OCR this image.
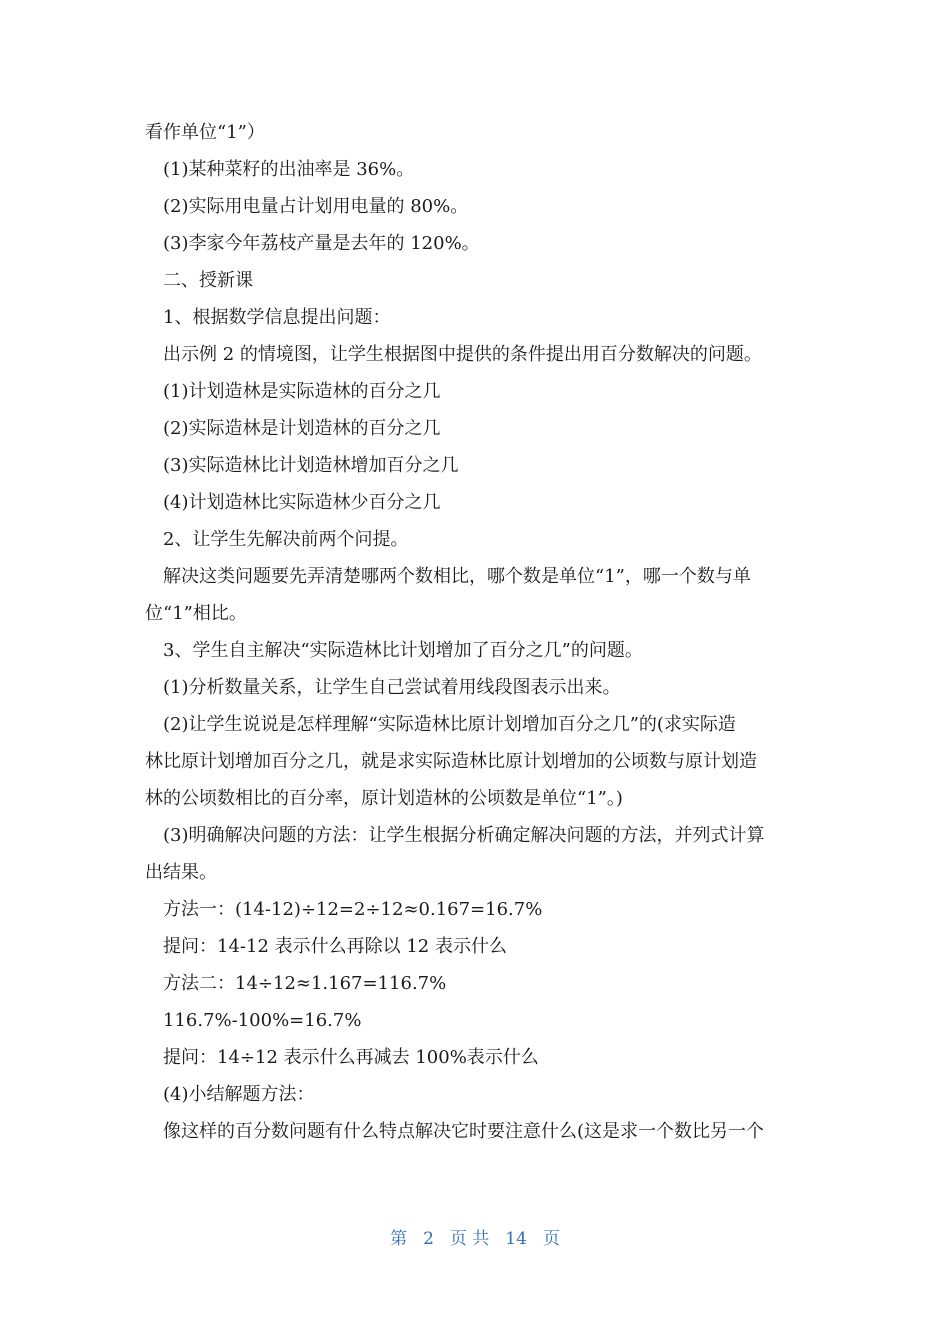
看作单位“1”）
(1)某种菜籽的出油率是 36%。
(2)实际用电量占计划用电量的 80%。
(3)李家今年荔枝产量是去年的 120%。
二、授新课
1、根据数学信息提出问题：
出示例 2 的情境图，让学生根据图中提供的条件提出用百分数解决的问题。
(1)计划造林是实际造林的百分之几
(2)实际造林是计划造林的百分之几
(3)实际造林比计划造林增加百分之几
(4)计划造林比实际造林少百分之几
2、让学生先解决前两个问提。
解决这类问题要先弄清楚哪两个数相比，哪个数是单位“1”，哪一个数与单
位“1”相比。
3、学生自主解决“实际造林比计划增加了百分之几”的问题。
(1)分析数量关系，让学生自己尝试着用线段图表示出来。
(2)让学生说说是怎样理解“实际造林比原计划增加百分之几”的(求实际造
林比原计划增加百分之几，就是求实际造林比原计划增加的公顷数与原计划造
林的公顷数相比的百分率，原计划造林的公顷数是单位“1”。)
(3)明确解决问题的方法：让学生根据分析确定解决问题的方法，并列式计算
出结果。
方法一：(14-12)÷12=2÷12≈0.167=16.7%
提问：14-12 表示什么再除以 12 表示什么
方法二：14÷12≈1.167=116.7%
116.7%-100%=16.7%
提问：14÷12 表示什么再减去 100%表示什么
(4)小结解题方法：
像这样的百分数问题有什么特点解决它时要注意什么(这是求一个数比另一个
第 2 页 共 14 页
